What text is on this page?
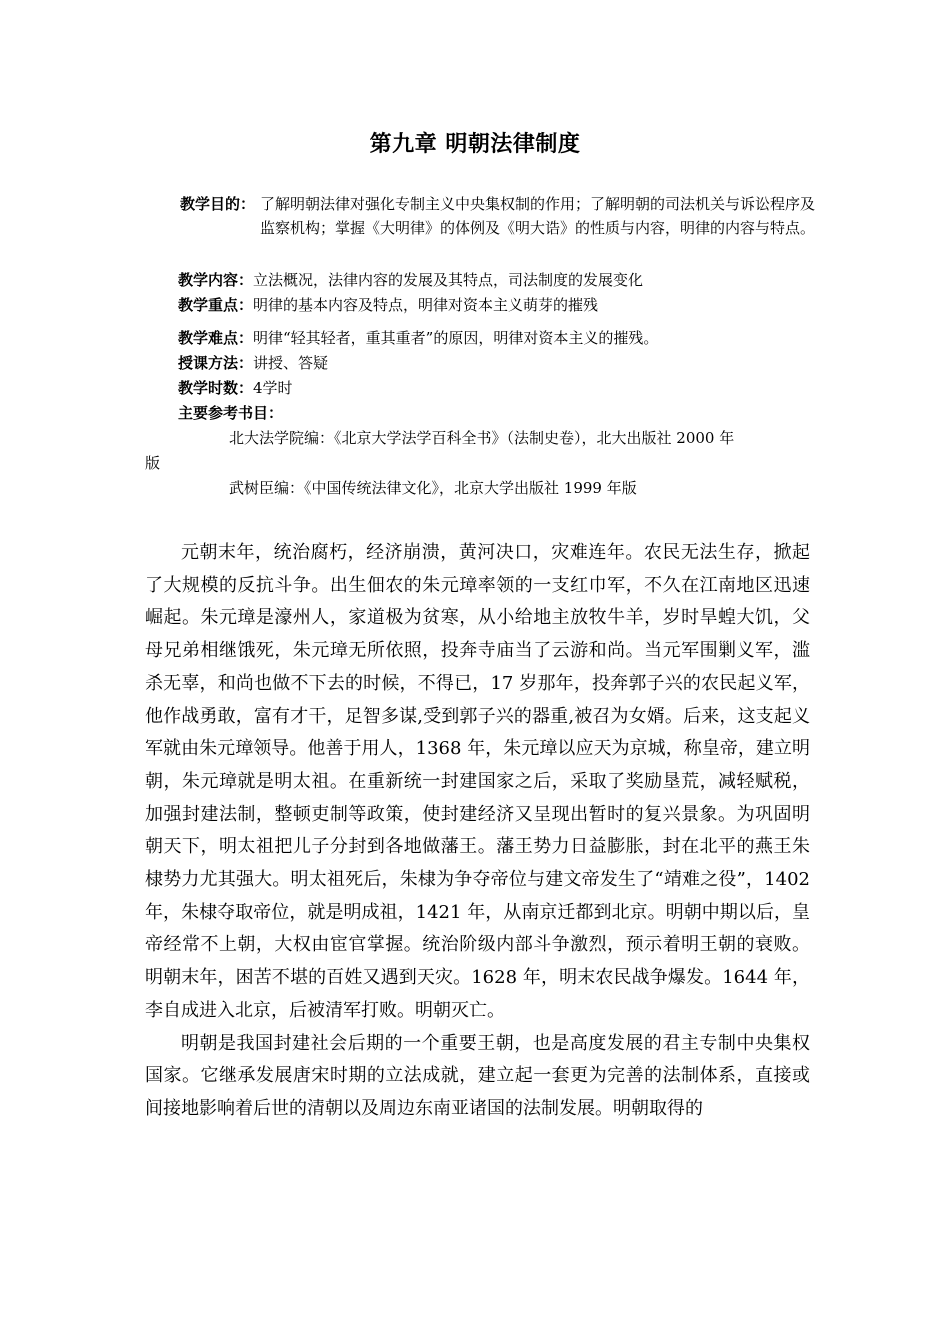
第九章 明朝法律制度
教学目的： 了解明朝法律对强化专制主义中央集权制的作用；了解明朝的司法机关与诉讼程序及监察机构；掌握《大明律》的体例及《明大诰》的性质与内容，明律的内容与特点。
教学内容：立法概况，法律内容的发展及其特点，司法制度的发展变化
教学重点：明律的基本内容及特点，明律对资本主义萌芽的摧残
教学难点：明律“轻其轻者，重其重者”的原因，明律对资本主义的摧残。
授课方法：讲授、答疑
教学时数：4学时
主要参考书目：
北大法学院编：《北京大学法学百科全书》（法制史卷），北大出版社 2000 年
版
武树臣编：《中国传统法律文化》，北京大学出版社 1999 年版

元朝末年，统治腐朽，经济崩溃，黄河决口，灾难连年。农民无法生存，掀起了大规模的反抗斗争。出生佃农的朱元璋率领的一支红巾军，不久在江南地区迅速崛起。朱元璋是濠州人，家道极为贫寒，从小给地主放牧牛羊，岁时旱蝗大饥，父母兄弟相继饿死，朱元璋无所依照，投奔寺庙当了云游和尚。当元军围剿义军，滥杀无辜，和尚也做不下去的时候，不得已，17 岁那年，投奔郭子兴的农民起义军，他作战勇敢，富有才干，足智多谋,受到郭子兴的器重,被召为女婿。后来，这支起义军就由朱元璋领导。他善于用人，1368 年，朱元璋以应天为京城，称皇帝，建立明朝，朱元璋就是明太祖。在重新统一封建国家之后，采取了奖励垦荒，减轻赋税，加强封建法制，整顿吏制等政策，使封建经济又呈现出暂时的复兴景象。为巩固明朝天下，明太祖把儿子分封到各地做藩王。藩王势力日益膨胀，封在北平的燕王朱棣势力尤其强大。明太祖死后，朱棣为争夺帝位与建文帝发生了“靖难之役”，1402 年，朱棣夺取帝位，就是明成祖，1421 年，从南京迁都到北京。明朝中期以后，皇帝经常不上朝，大权由宦官掌握。统治阶级内部斗争激烈，预示着明王朝的衰败。明朝末年，困苦不堪的百姓又遇到天灾。1628 年，明末农民战争爆发。1644 年，李自成进入北京，后被清军打败。明朝灭亡。

明朝是我国封建社会后期的一个重要王朝，也是高度发展的君主专制中央集权国家。它继承发展唐宋时期的立法成就，建立起一套更为完善的法制体系，直接或间接地影响着后世的清朝以及周边东南亚诸国的法制发展。明朝取得的
